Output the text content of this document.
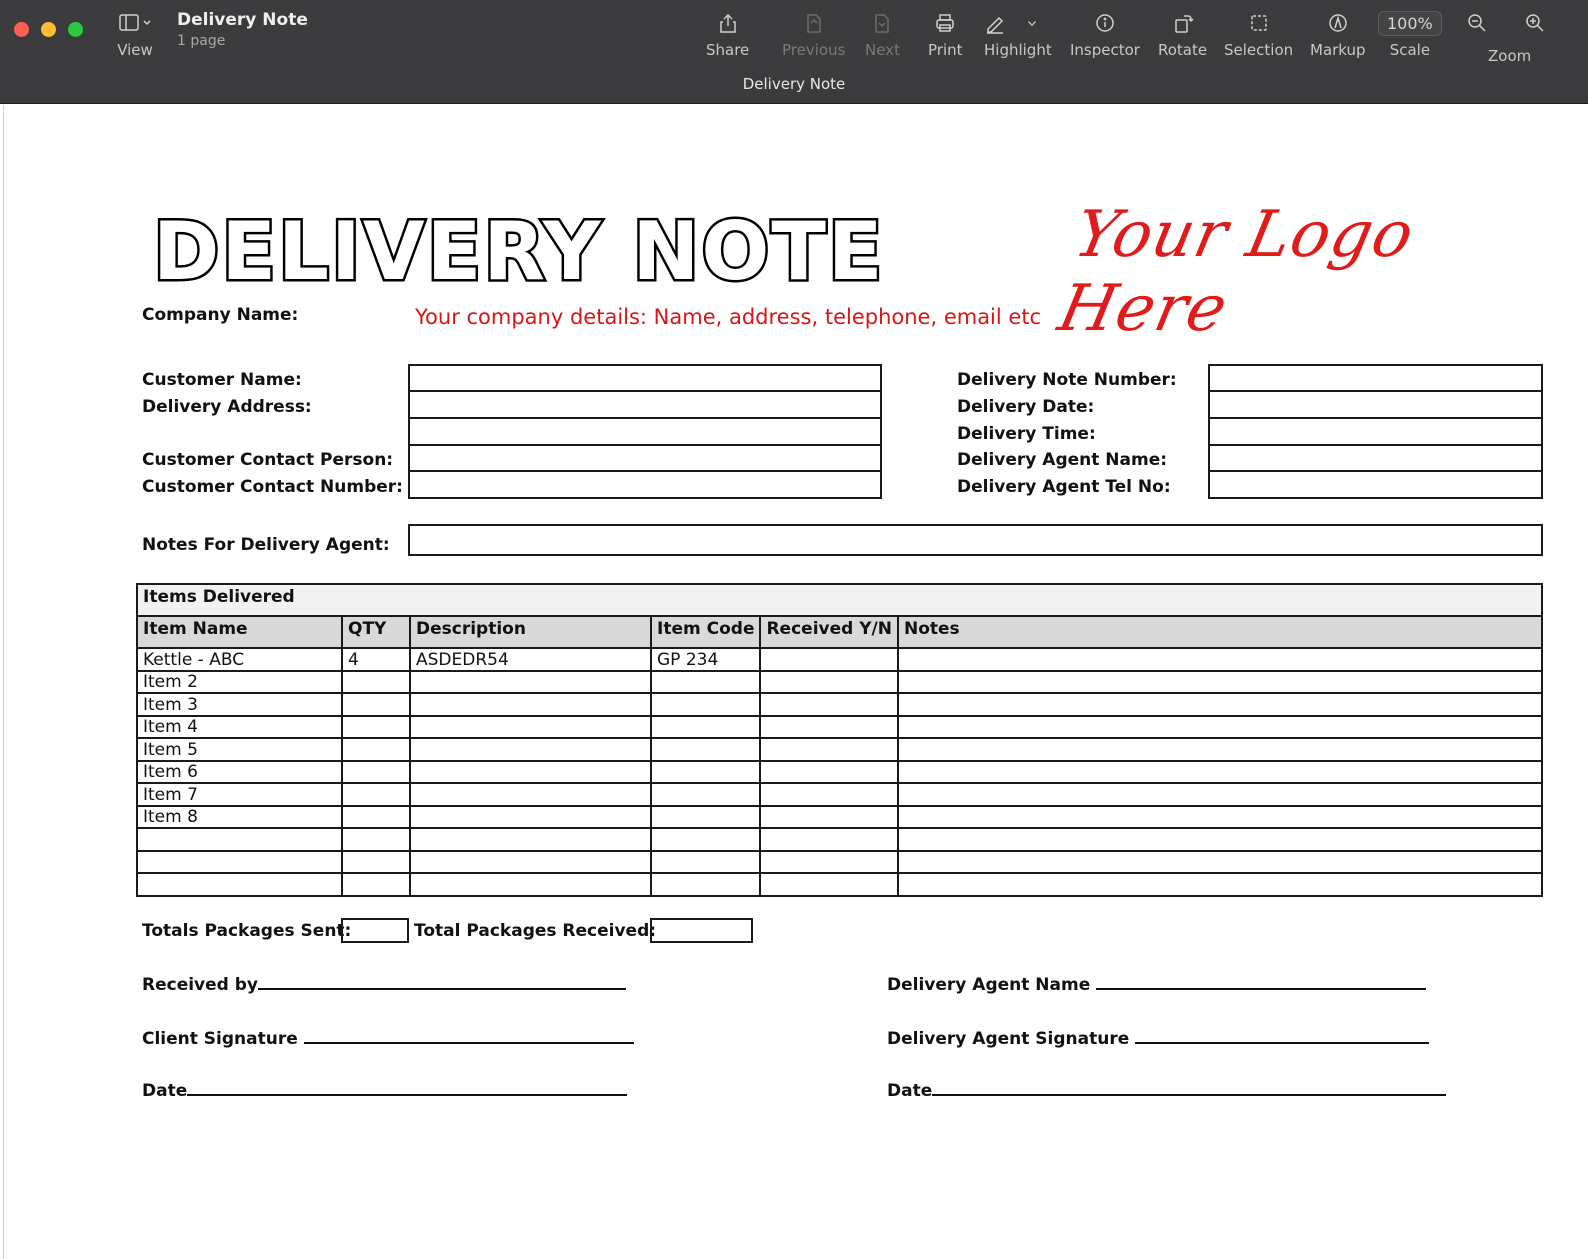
View
Delivery Note
1 page	Share Previous Next Print Highlight Inspector Rotate Selection Markup
100%
Scale	Zoom
Delivery Note
DELIVERY NOTE	Your Logo Here
Company Name:	Your company details: Name, address, telephone, email etc
Customer Name:
Delivery Address:
Customer Contact Person:
Customer Contact Number:
Delivery Note Number:
Delivery Date:
Delivery Time:
Delivery Agent Name:
Delivery Agent Tel No:
Notes For Delivery Agent:
Items Delivered					
Item Name	QTY	Description	Item Code	Received Y/N	Notes
Kettle - ABC	4	ASDEDR54	GP 234		
Item 2					
Item 3					
Item 4					
Item 5					
Item 6					
Item 7					
Item 8					

Totals Packages Sent:	Total Packages Received:
Received by
Client Signature
Date
Delivery Agent Name
Delivery Agent Signature
Date
